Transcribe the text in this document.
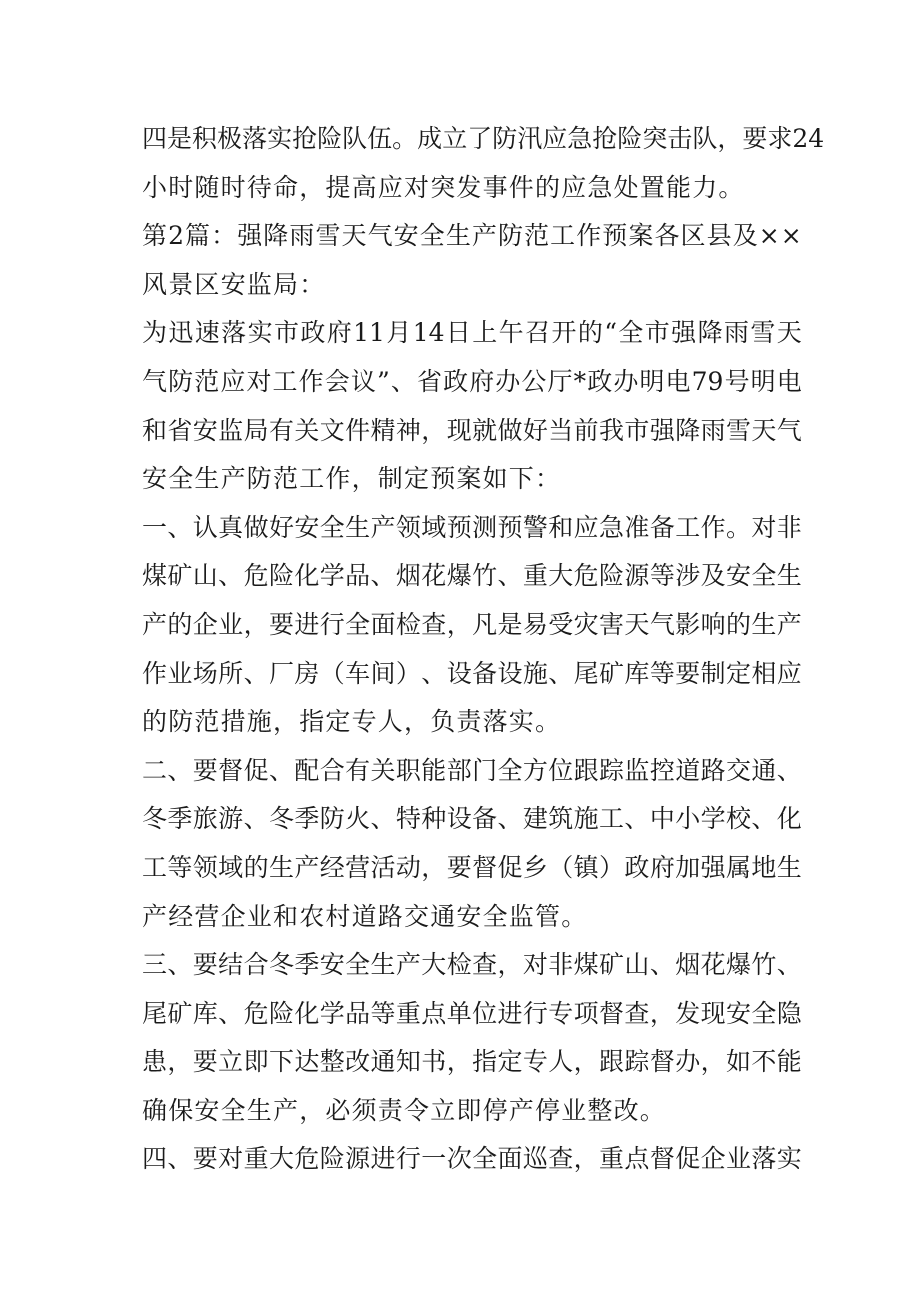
四 是 积 极 落 实 抢 险 队 伍 。 成 立 了 防 汛 应 急 抢 险 突 击 队 ， 要 求 24
小时随时待命，提高应对突发事件的应急处置能力。
第 2 篇 ： 强 降 雨 雪 天 气 安 全 生 产 防 范 工 作 预 案 各 区 县 及 × ×
风景区安监局：
为 迅 速 落 实 市 政 府 11 月 14 日 上 午 召 开 的 “ 全 市 强 降 雨 雪 天
气 防 范 应 对 工 作 会 议 ” 、 省 政 府 办 公 厅 * 政 办 明 电 79 号 明 电
和 省 安 监 局 有 关 文 件 精 神 ， 现 就 做 好 当 前 我 市 强 降 雨 雪 天 气
安全生产防范工作，制定预案如下：
一 、 认 真 做 好 安 全 生 产 领 域 预 测 预 警 和 应 急 准 备 工 作 。 对 非
煤 矿 山 、 危 险 化 学 品 、 烟 花 爆 竹 、 重 大 危 险 源 等 涉 及 安 全 生
产 的 企 业 ， 要 进 行 全 面 检 查 ， 凡 是 易 受 灾 害 天 气 影 响 的 生 产
作 业 场 所 、 厂 房 （ 车 间 ） 、 设 备 设 施 、 尾 矿 库 等 要 制 定 相 应
的防范措施，指定专人，负责落实。
二 、 要 督 促 、 配 合 有 关 职 能 部 门 全 方 位 跟 踪 监 控 道 路 交 通 、
冬 季 旅 游 、 冬 季 防 火 、 特 种 设 备 、 建 筑 施 工 、 中 小 学 校 、 化
工 等 领 域 的 生 产 经 营 活 动 ， 要 督 促 乡 （ 镇 ） 政 府 加 强 属 地 生
产经营企业和农村道路交通安全监管。
三 、 要 结 合 冬 季 安 全 生 产 大 检 查 ， 对 非 煤 矿 山 、 烟 花 爆 竹 、
尾 矿 库 、 危 险 化 学 品 等 重 点 单 位 进 行 专 项 督 查 ， 发 现 安 全 隐
患 ， 要 立 即 下 达 整 改 通 知 书 ， 指 定 专 人 ， 跟 踪 督 办 ， 如 不 能
确保安全生产，必须责令立即停产停业整改。
四 、 要 对 重 大 危 险 源 进 行 一 次 全 面 巡 查 ， 重 点 督 促 企 业 落 实
